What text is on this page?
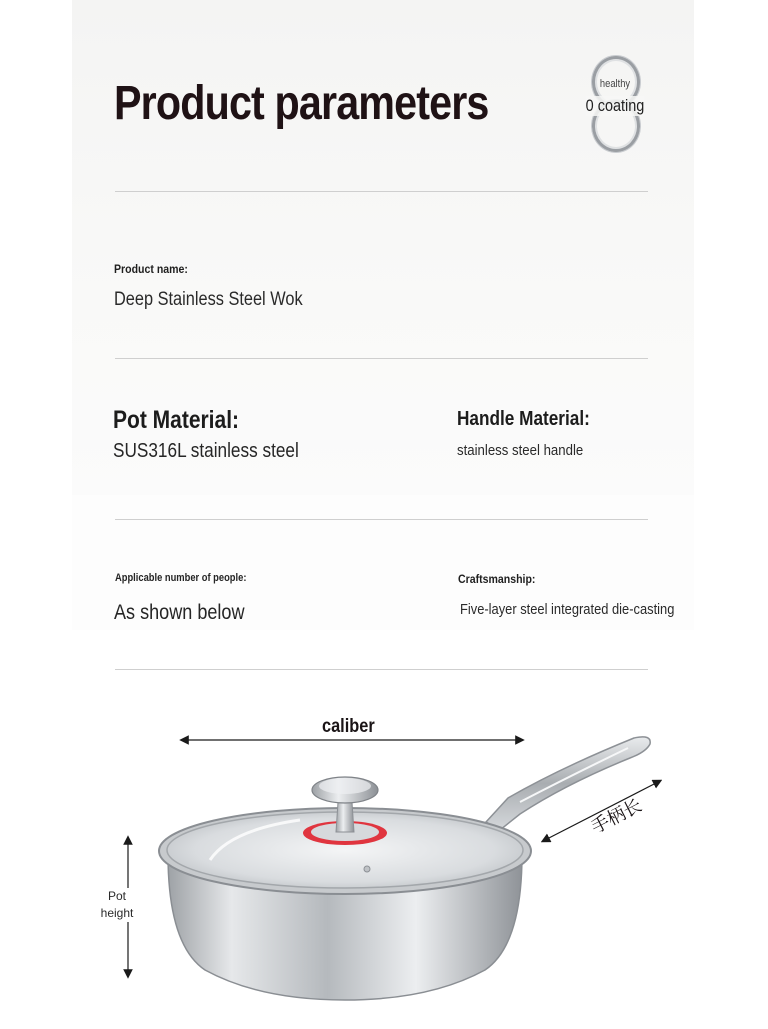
Product parameters	healthy
0 coating

Product name:

Deep Stainless Steel Wok

Pot Material:

SUS316L stainless steel

Handle Material:

stainless steel handle

Applicable number of people:

As shown below

Craftsmanship:

Five-layer steel integrated die-casting

caliber

手柄长

Pot
height
